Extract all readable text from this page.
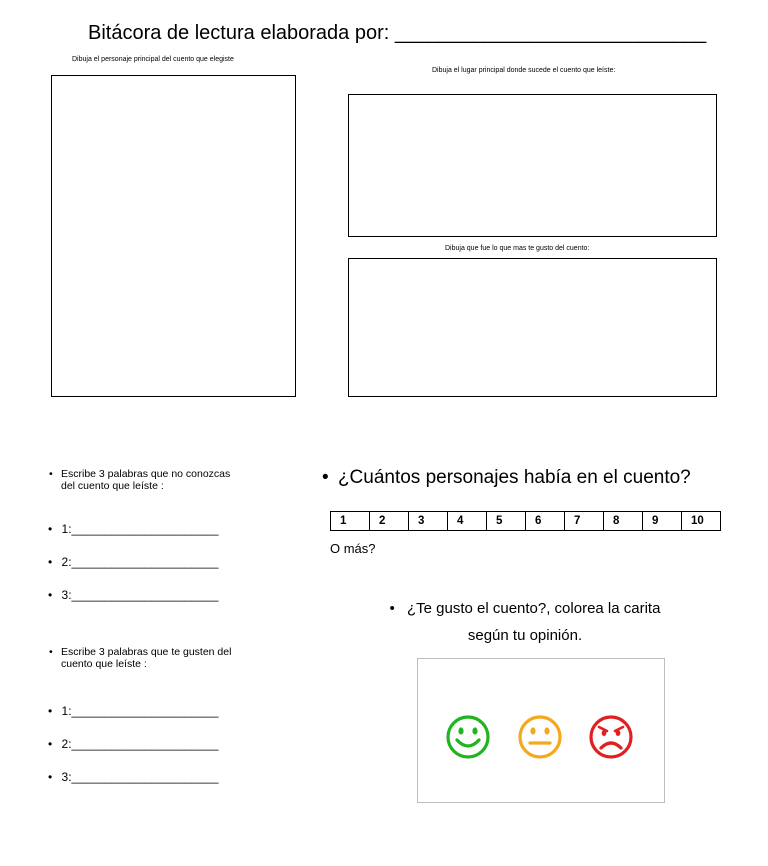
Bitácora de lectura elaborada por: ____________________________
Dibuja el personaje principal del cuento que elegiste
Dibuja el lugar principal donde sucede el cuento que leíste:
Dibuja que fue lo que mas te gusto del cuento:
• Escribe 3 palabras que no conozcas
del cuento que leíste :
• 1:______________________
• 2:______________________
• 3:______________________
• Escribe 3 palabras que te gusten del
cuento que leíste :
• 1:______________________
• 2:______________________
• 3:______________________
• ¿Cuántos personajes había en el cuento?
1	2	3	4	5	6	7	8	9	10
O más?
• ¿Te gusto el cuento?, colorea la carita
según tu opinión.
